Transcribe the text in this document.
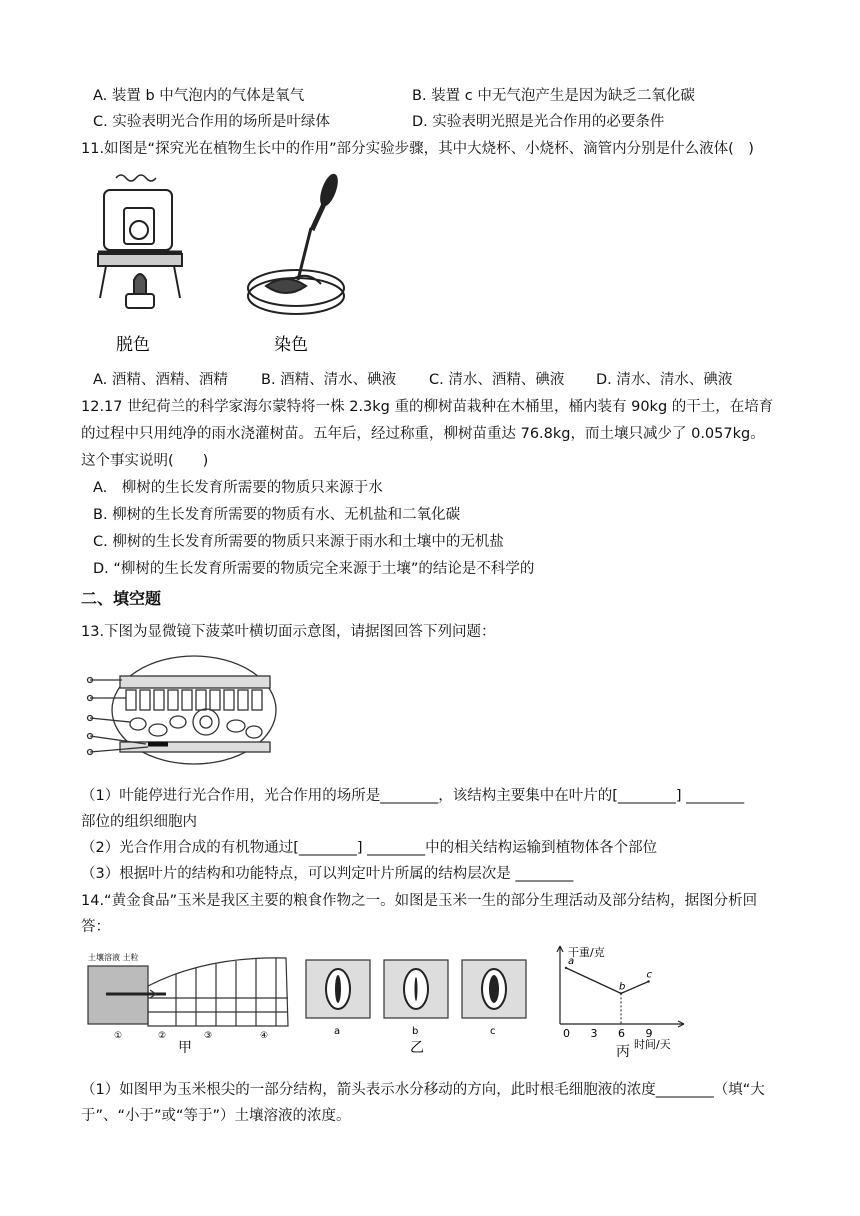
A. 装置 b 中气泡内的气体是氧气	B. 装置 c 中无气泡产生是因为缺乏二氧化碳
C. 实验表明光合作用的场所是叶绿体	D. 实验表明光照是光合作用的必要条件
11.如图是“探究光在植物生长中的作用”部分实验步骤，其中大烧杯、小烧杯、滴管内分别是什么液体(　)
脱色	染色
A. 酒精、酒精、酒精 B. 酒精、清水、碘液 C. 清水、酒精、碘液 D. 清水、清水、碘液
12.17 世纪荷兰的科学家海尔蒙特将一株 2.3kg 重的柳树苗栽种在木桶里，桶内装有 90kg 的干土，在培育
的过程中只用纯净的雨水浇灌树苗。五年后，经过称重，柳树苗重达 76.8kg，而土壤只减少了 0.057kg。
这个事实说明(　　)
A.　柳树的生长发育所需要的物质只来源于水
B. 柳树的生长发育所需要的物质有水、无机盐和二氧化碳
C. 柳树的生长发育所需要的物质只来源于雨水和土壤中的无机盐
D. “柳树的生长发育所需要的物质完全来源于土壤”的结论是不科学的
二、填空题
13.下图为显微镜下菠菜叶横切面示意图，请据图回答下列问题：
（1）叶能停进行光合作用，光合作用的场所是________，该结构主要集中在叶片的[________] ________
部位的组织细胞内
（2）光合作用合成的有机物通过[________] ________中的相关结构运输到植物体各个部位
（3）根据叶片的结构和功能特点，可以判定叶片所属的结构层次是 ________
14.“黄金食品”玉米是我区主要的粮食作物之一。如图是玉米一生的部分生理活动及部分结构，据图分析回
答：
土壤溶液 土粒
①	②	③	④
甲
a	b	c
乙
0 3 6 9
a
b
c
干重/克
时间/天
丙
（1）如图甲为玉米根尖的一部分结构，箭头表示水分移动的方向，此时根毛细胞液的浓度________（填“大
于”、“小于”或“等于”）土壤溶液的浓度。
